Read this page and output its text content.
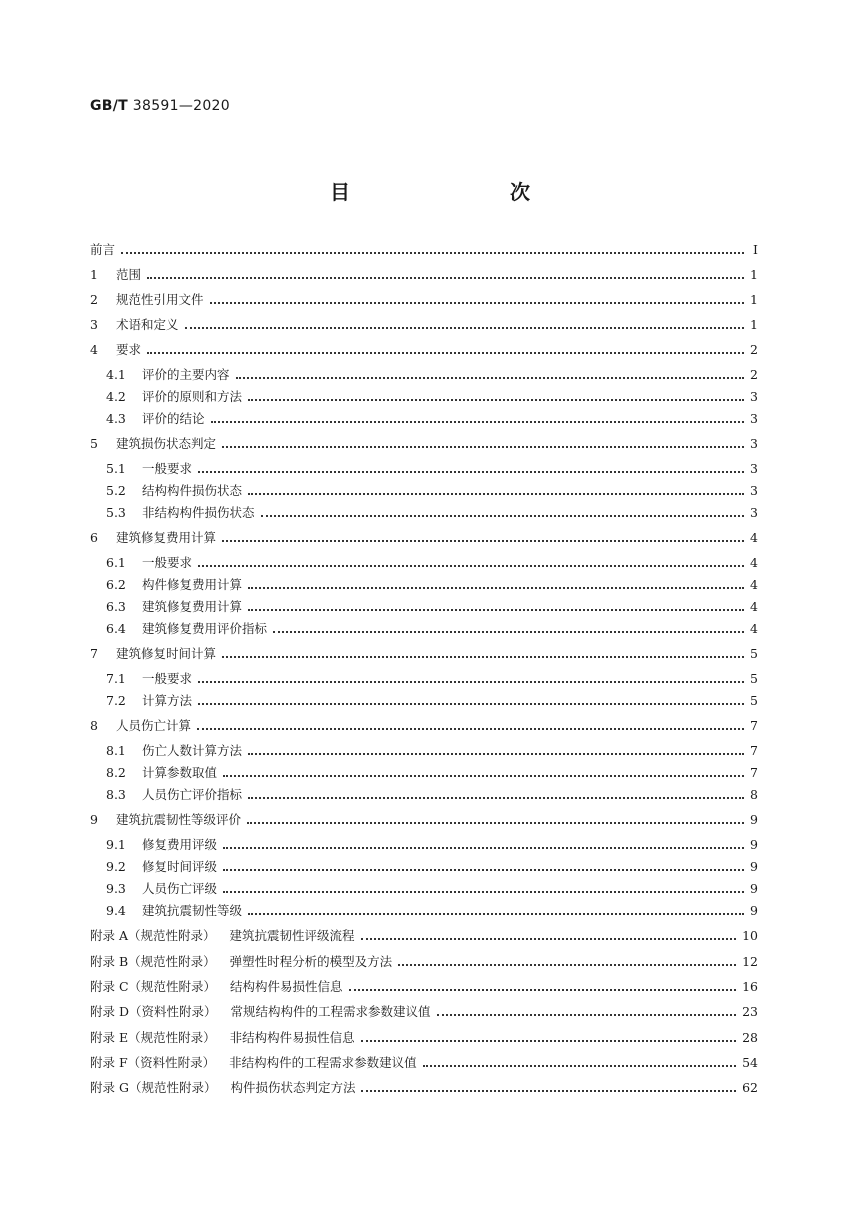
GB/T 38591—2020
目　　次
前言	Ⅰ
1	范围	1
2	规范性引用文件	1
3	术语和定义	1
4	要求	2
4.1	评价的主要内容	2
4.2	评价的原则和方法	3
4.3	评价的结论	3
5	建筑损伤状态判定	3
5.1	一般要求	3
5.2	结构构件损伤状态	3
5.3	非结构构件损伤状态	3
6	建筑修复费用计算	4
6.1	一般要求	4
6.2	构件修复费用计算	4
6.3	建筑修复费用计算	4
6.4	建筑修复费用评价指标	4
7	建筑修复时间计算	5
7.1	一般要求	5
7.2	计算方法	5
8	人员伤亡计算	7
8.1	伤亡人数计算方法	7
8.2	计算参数取值	7
8.3	人员伤亡评价指标	8
9	建筑抗震韧性等级评价	9
9.1	修复费用评级	9
9.2	修复时间评级	9
9.3	人员伤亡评级	9
9.4	建筑抗震韧性等级	9
附录 A（规范性附录） 建筑抗震韧性评级流程	10
附录 B（规范性附录） 弹塑性时程分析的模型及方法	12
附录 C（规范性附录） 结构构件易损性信息	16
附录 D（资料性附录） 常规结构构件的工程需求参数建议值	23
附录 E（规范性附录） 非结构构件易损性信息	28
附录 F（资料性附录） 非结构构件的工程需求参数建议值	54
附录 G（规范性附录） 构件损伤状态判定方法	62
